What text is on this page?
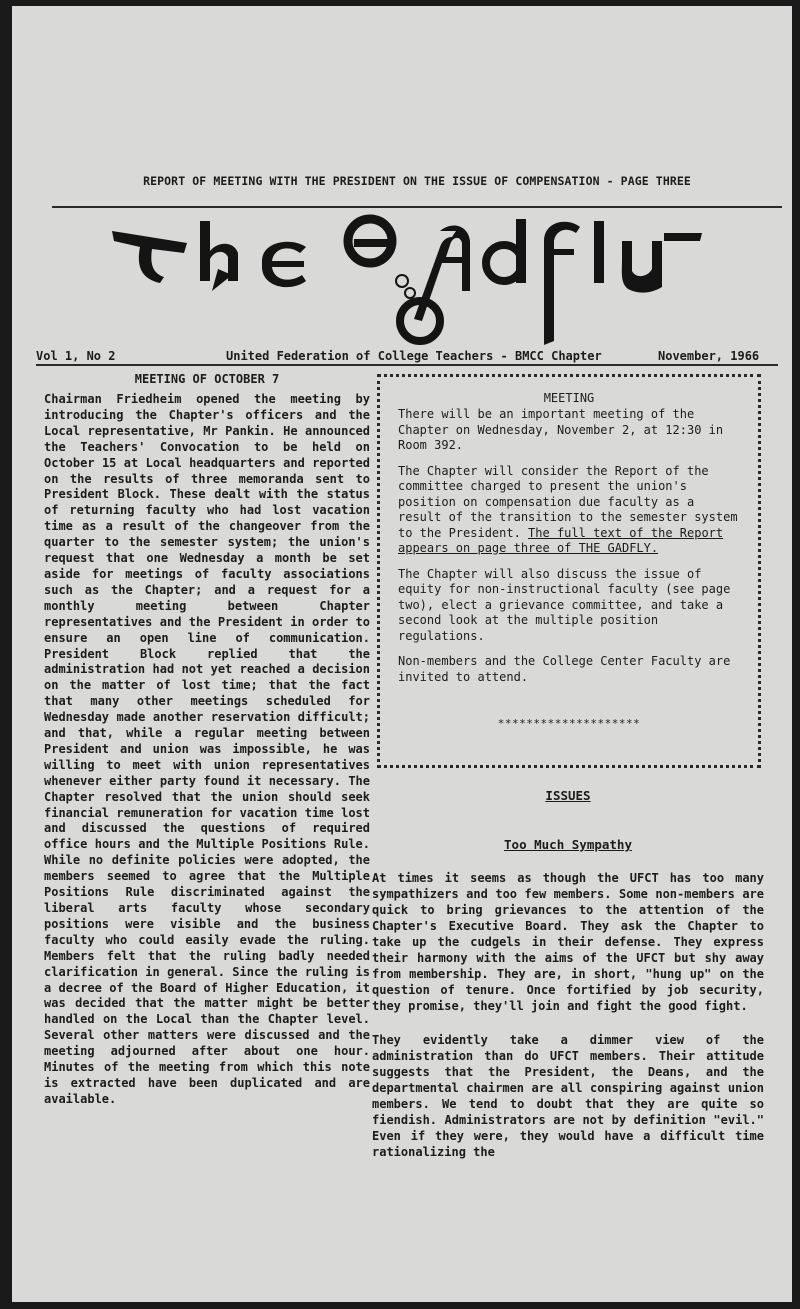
REPORT OF MEETING WITH THE PRESIDENT ON THE ISSUE OF COMPENSATION - PAGE THREE
Vol 1, No 2	United Federation of College Teachers - BMCC Chapter	November, 1966

MEETING OF OCTOBER 7

Chairman Friedheim opened the meeting by introducing the Chapter's officers and the Local representative, Mr Pankin. He announced the Teachers' Convocation to be held on October 15 at Local headquarters and reported on the results of three memoranda sent to President Block. These dealt with the status of returning faculty who had lost vacation time as a result of the changeover from the quarter to the semester system; the union's request that one Wednesday a month be set aside for meetings of faculty associations such as the Chapter; and a request for a monthly meeting between Chapter representatives and the President in order to ensure an open line of communication. President Block replied that the administration had not yet reached a decision on the matter of lost time; that the fact that many other meetings scheduled for Wednesday made another reservation difficult; and that, while a regular meeting between President and union was impossible, he was willing to meet with union representatives whenever either party found it necessary. The Chapter resolved that the union should seek financial remuneration for vacation time lost and discussed the questions of required office hours and the Multiple Positions Rule. While no definite policies were adopted, the members seemed to agree that the Multiple Positions Rule discriminated against the liberal arts faculty whose secondary positions were visible and the business faculty who could easily evade the ruling. Members felt that the ruling badly needed clarification in general. Since the ruling is a decree of the Board of Higher Education, it was decided that the matter might be better handled on the Local than the Chapter level. Several other matters were discussed and the meeting adjourned after about one hour. Minutes of the meeting from which this note is extracted have been duplicated and are available.

MEETING

There will be an important meeting of the Chapter on Wednesday, November 2, at 12:30 in Room 392.

The Chapter will consider the Report of the committee charged to present the union's position on compensation due faculty as a result of the transition to the semester system to the President. The full text of the Report appears on page three of THE GADFLY.

The Chapter will also discuss the issue of equity for non-instructional faculty (see page two), elect a grievance committee, and take a second look at the multiple position regulations.

Non-members and the College Center Faculty are invited to attend.

********************

ISSUES

Too Much Sympathy

At times it seems as though the UFCT has too many sympathizers and too few members. Some non-members are quick to bring grievances to the attention of the Chapter's Executive Board. They ask the Chapter to take up the cudgels in their defense. They express their harmony with the aims of the UFCT but shy away from membership. They are, in short, "hung up" on the question of tenure. Once fortified by job security, they promise, they'll join and fight the good fight.

They evidently take a dimmer view of the administration than do UFCT members. Their attitude suggests that the President, the Deans, and the departmental chairmen are all conspiring against union members. We tend to doubt that they are quite so fiendish. Administrators are not by definition "evil." Even if they were, they would have a difficult time rationalizing the
